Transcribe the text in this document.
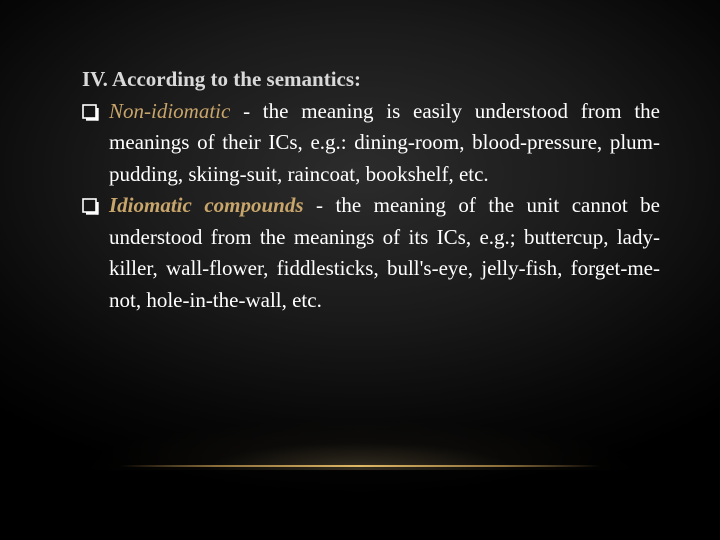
IV. According to the semantics:
Non-idiomatic - the meaning is easily understood from the meanings of their ICs, e.g.: dining-room, blood-pressure, plum-pudding, skiing-suit, raincoat, bookshelf, etc.
Idiomatic compounds - the meaning of the unit cannot be understood from the meanings of its ICs, e.g.; buttercup, lady-killer, wall-flower, fiddlesticks, bull's-eye, jelly-fish, forget-me-not, hole-in-the-wall, etc.
